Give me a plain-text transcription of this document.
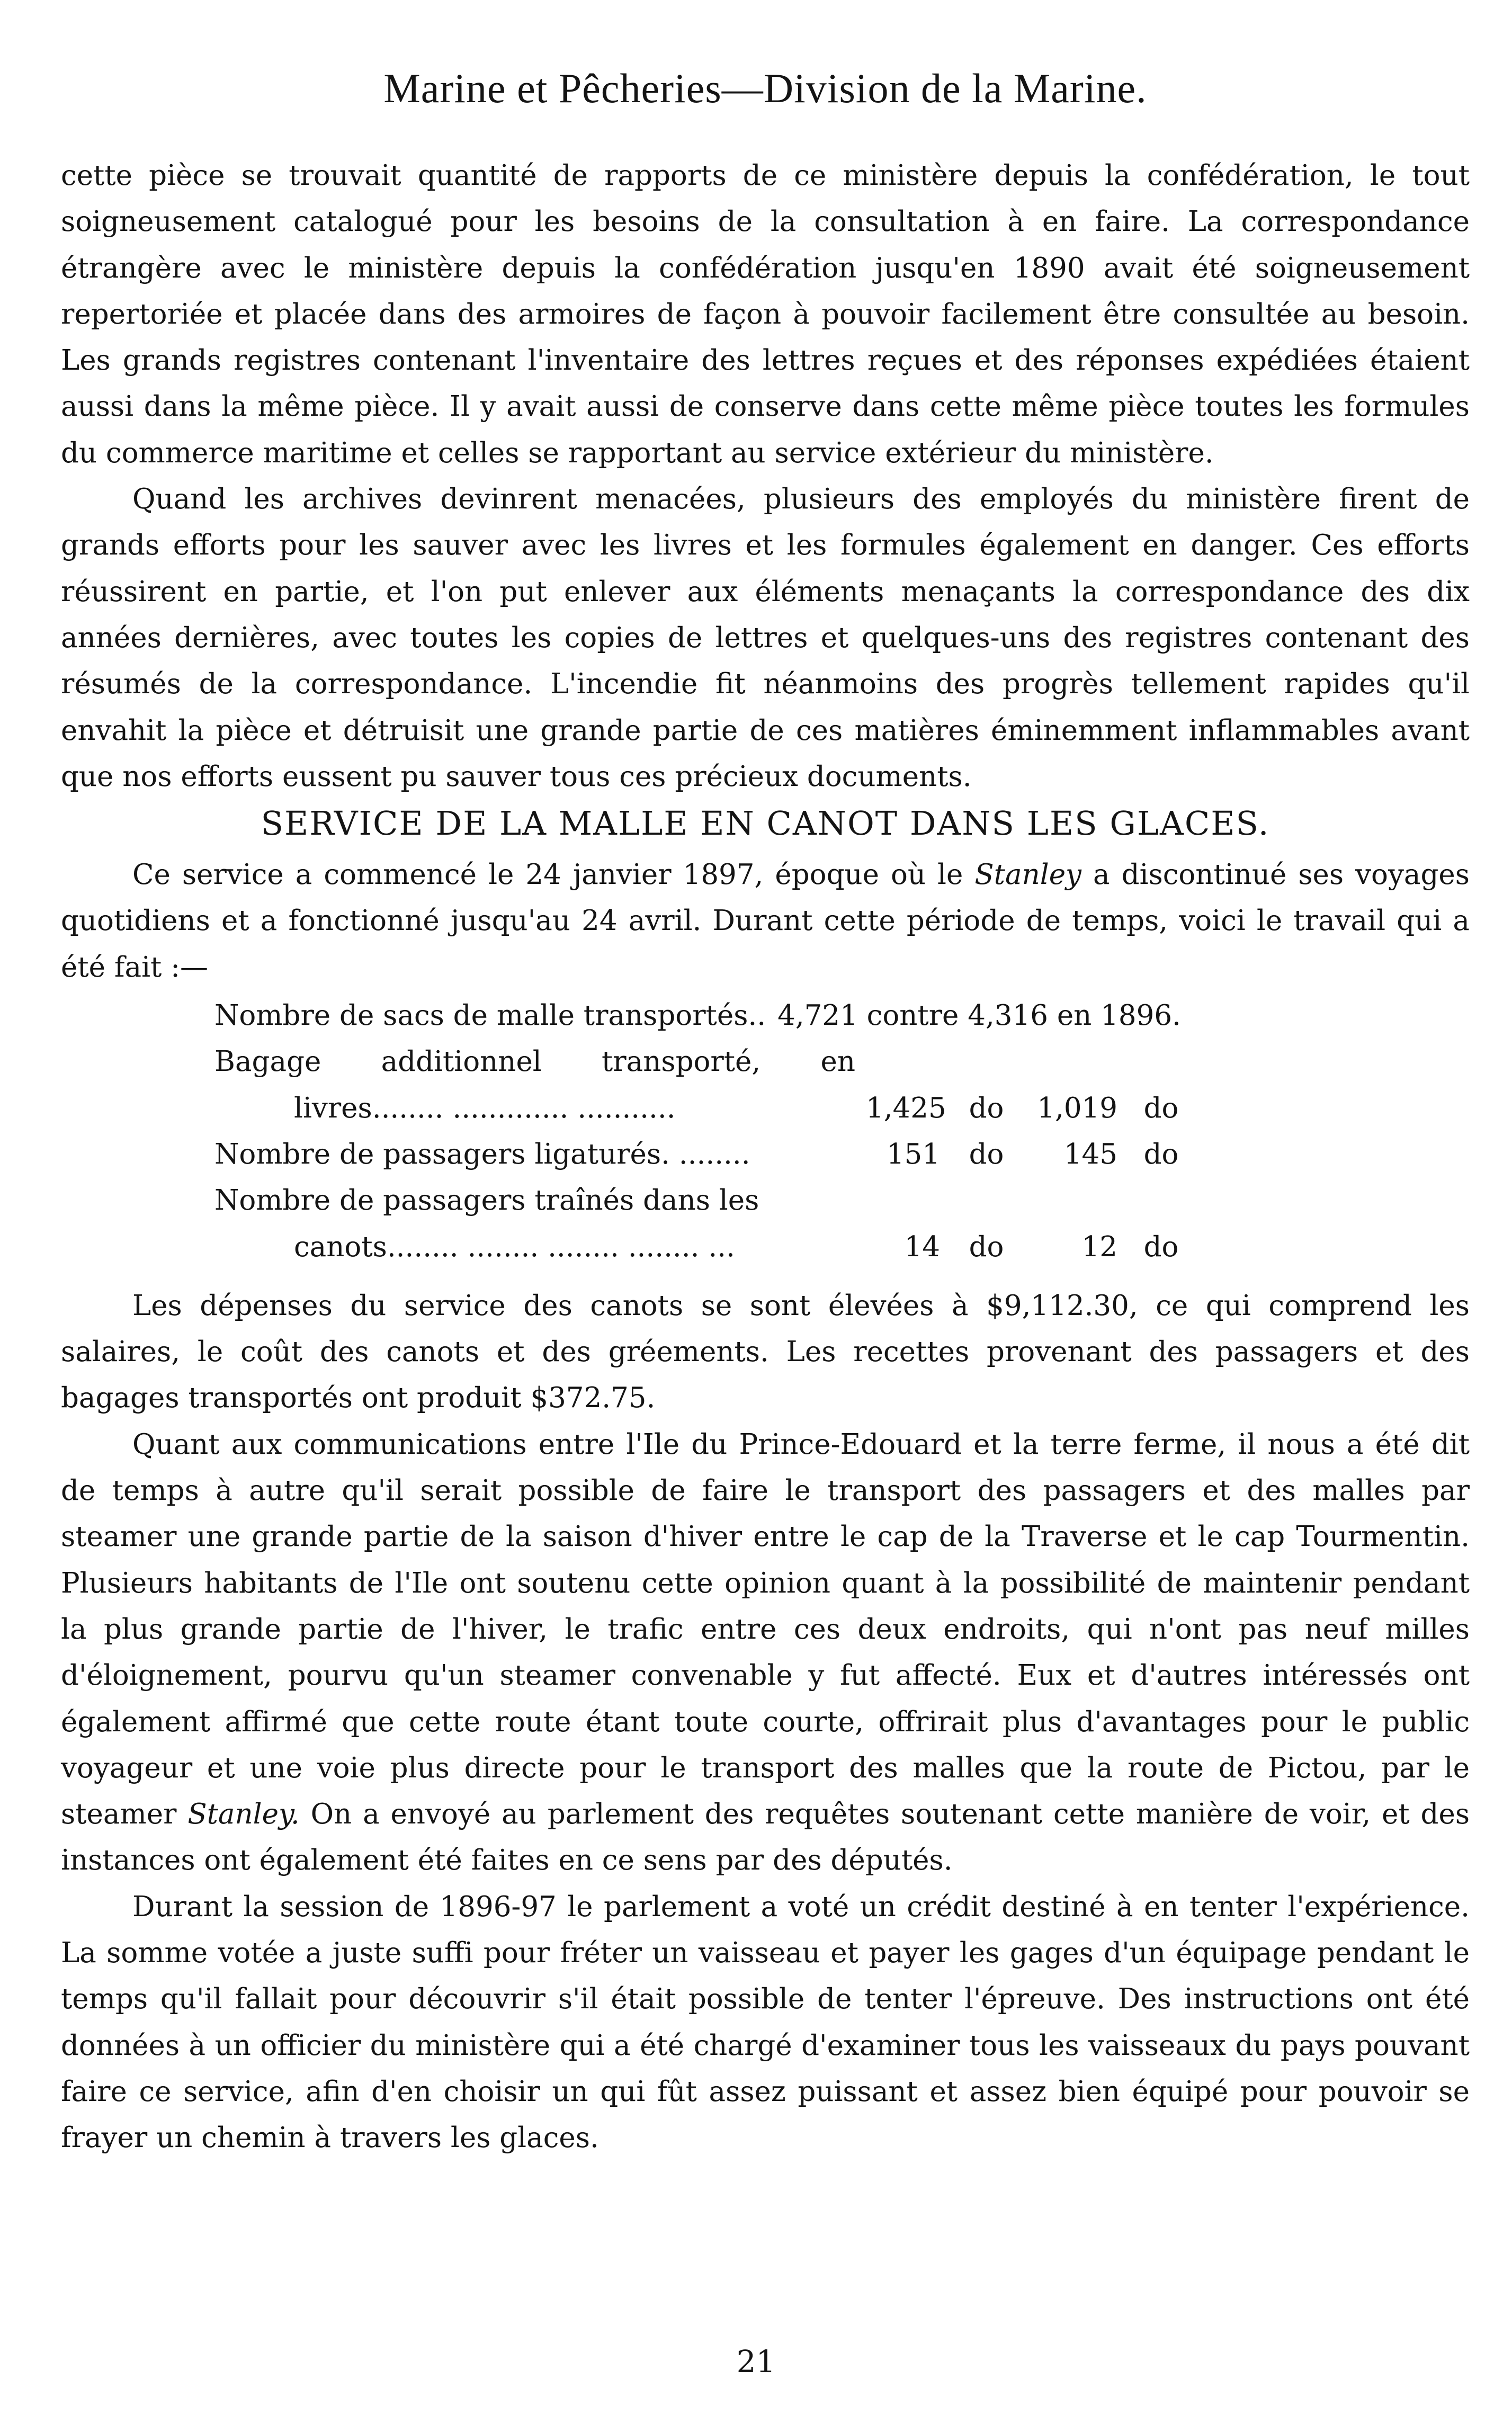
Marine et Pêcheries—Division de la Marine.

cette pièce se trouvait quantité de rapports de ce ministère depuis la confédération, le tout soigneusement catalogué pour les besoins de la consultation à en faire. La correspondance étrangère avec le ministère depuis la confédération jusqu'en 1890 avait été soigneusement repertoriée et placée dans des armoires de façon à pouvoir facilement être consultée au besoin. Les grands registres contenant l'inventaire des lettres reçues et des réponses expédiées étaient aussi dans la même pièce. Il y avait aussi de conserve dans cette même pièce toutes les formules du commerce maritime et celles se rapportant au service extérieur du ministère.

Quand les archives devinrent menacées, plusieurs des employés du ministère firent de grands efforts pour les sauver avec les livres et les formules également en danger. Ces efforts réussirent en partie, et l'on put enlever aux éléments menaçants la correspondance des dix années dernières, avec toutes les copies de lettres et quelques-uns des registres contenant des résumés de la correspondance. L'incendie fit néanmoins des progrès tellement rapides qu'il envahit la pièce et détruisit une grande partie de ces matières éminemment inflammables avant que nos efforts eussent pu sauver tous ces précieux documents.

SERVICE DE LA MALLE EN CANOT DANS LES GLACES.

Ce service a commencé le 24 janvier 1897, époque où le Stanley a discontinué ses voyages quotidiens et a fonctionné jusqu'au 24 avril. Durant cette période de temps, voici le travail qui a été fait :—

Nombre de sacs de malle transportés.. 4,721 contre 4,316 en 1896.
Bagage additionnel transporté, en
livres........ ............. ...........	1,425 do	1,019 do
Nombre de passagers ligaturés. ........	151	do	145 do
Nombre de passagers traînés dans les
canots........ ........ ........ ........ ...	14	do	12 do

Les dépenses du service des canots se sont élevées à $9,112.30, ce qui comprend les salaires, le coût des canots et des gréements. Les recettes provenant des passagers et des bagages transportés ont produit $372.75.

Quant aux communications entre l'Ile du Prince-Edouard et la terre ferme, il nous a été dit de temps à autre qu'il serait possible de faire le transport des passagers et des malles par steamer une grande partie de la saison d'hiver entre le cap de la Traverse et le cap Tourmentin. Plusieurs habitants de l'Ile ont soutenu cette opinion quant à la possibilité de maintenir pendant la plus grande partie de l'hiver, le trafic entre ces deux endroits, qui n'ont pas neuf milles d'éloignement, pourvu qu'un steamer convenable y fut affecté. Eux et d'autres intéressés ont également affirmé que cette route étant toute courte, offrirait plus d'avantages pour le public voyageur et une voie plus directe pour le transport des malles que la route de Pictou, par le steamer Stanley. On a envoyé au parlement des requêtes soutenant cette manière de voir, et des instances ont également été faites en ce sens par des députés.

Durant la session de 1896-97 le parlement a voté un crédit destiné à en tenter l'expérience. La somme votée a juste suffi pour fréter un vaisseau et payer les gages d'un équipage pendant le temps qu'il fallait pour découvrir s'il était possible de tenter l'épreuve. Des instructions ont été données à un officier du ministère qui a été chargé d'examiner tous les vaisseaux du pays pouvant faire ce service, afin d'en choisir un qui fût assez puissant et assez bien équipé pour pouvoir se frayer un chemin à travers les glaces.

21
